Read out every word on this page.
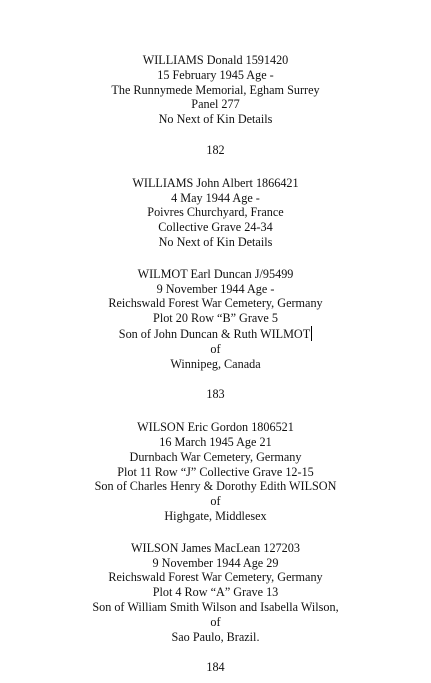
WILLIAMS Donald 1591420
15 February 1945 Age -
The Runnymede Memorial, Egham Surrey
Panel 277
No Next of Kin Details
182
WILLIAMS John Albert 1866421
4 May 1944 Age -
Poivres Churchyard, France
Collective Grave 24-34
No Next of Kin Details
WILMOT Earl Duncan J/95499
9 November 1944 Age -
Reichswald Forest War Cemetery, Germany
Plot 20 Row “B” Grave 5
Son of John Duncan & Ruth WILMOT
of
Winnipeg, Canada
183
WILSON Eric Gordon 1806521
16 March 1945 Age 21
Durnbach War Cemetery, Germany
Plot 11 Row “J” Collective Grave 12-15
Son of Charles Henry & Dorothy Edith WILSON
of
Highgate, Middlesex
WILSON James MacLean 127203
9 November 1944 Age 29
Reichswald Forest War Cemetery, Germany
Plot 4 Row “A” Grave 13
Son of William Smith Wilson and Isabella Wilson,
of
Sao Paulo, Brazil.
184
